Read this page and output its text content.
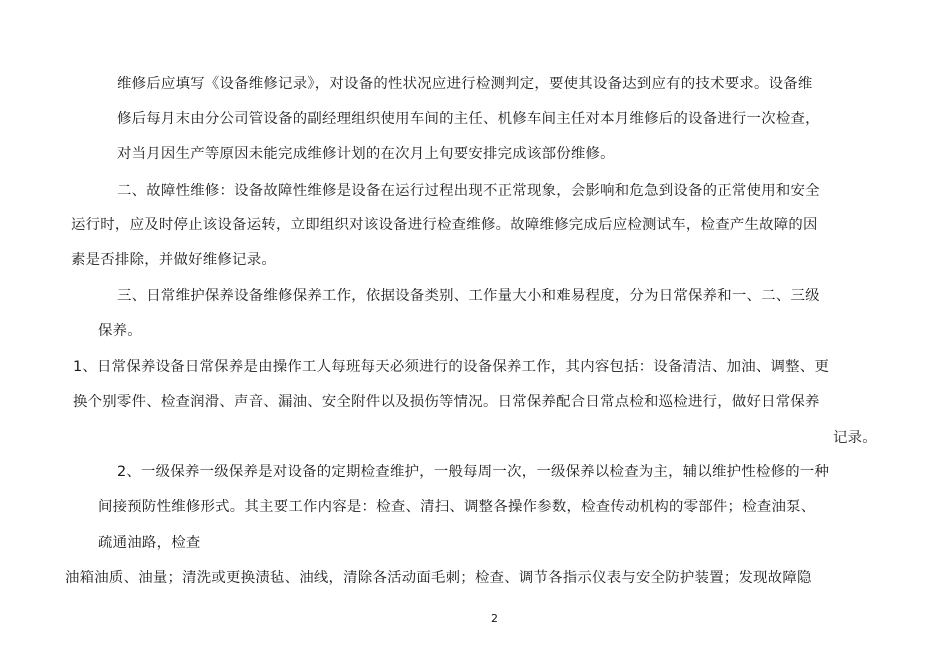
维修后应填写《设备维修记录》，对设备的性状况应进行检测判定，要使其设备达到应有的技术要求。设备维
修后每月末由分公司管设备的副经理组织使用车间的主任、机修车间主任对本月维修后的设备进行一次检查，
对当月因生产等原因未能完成维修计划的在次月上旬要安排完成该部份维修。
二、故障性维修：设备故障性维修是设备在运行过程出现不正常现象，会影响和危急到设备的正常使用和安全
运行时，应及时停止该设备运转，立即组织对该设备进行检查维修。故障维修完成后应检测试车，检查产生故障的因
素是否排除，并做好维修记录。
三、日常维护保养设备维修保养工作，依据设备类别、工作量大小和难易程度，分为日常保养和一、二、三级
保养。
1、日常保养设备日常保养是由操作工人每班每天必须进行的设备保养工作，其内容包括：设备清洁、加油、调整、更
换个别零件、检查润滑、声音、漏油、安全附件以及损伤等情况。日常保养配合日常点检和巡检进行，做好日常保养
记录。
2、一级保养一级保养是对设备的定期检查维护，一般每周一次，一级保养以检查为主，辅以维护性检修的一种
间接预防性维修形式。其主要工作内容是：检查、清扫、调整各操作参数，检查传动机构的零部件；检查油泵、
疏通油路，检查
油箱油质、油量；清洗或更换渍毡、油线，清除各活动面毛刺；检查、调节各指示仪表与安全防护装置；发现故障隐
2
